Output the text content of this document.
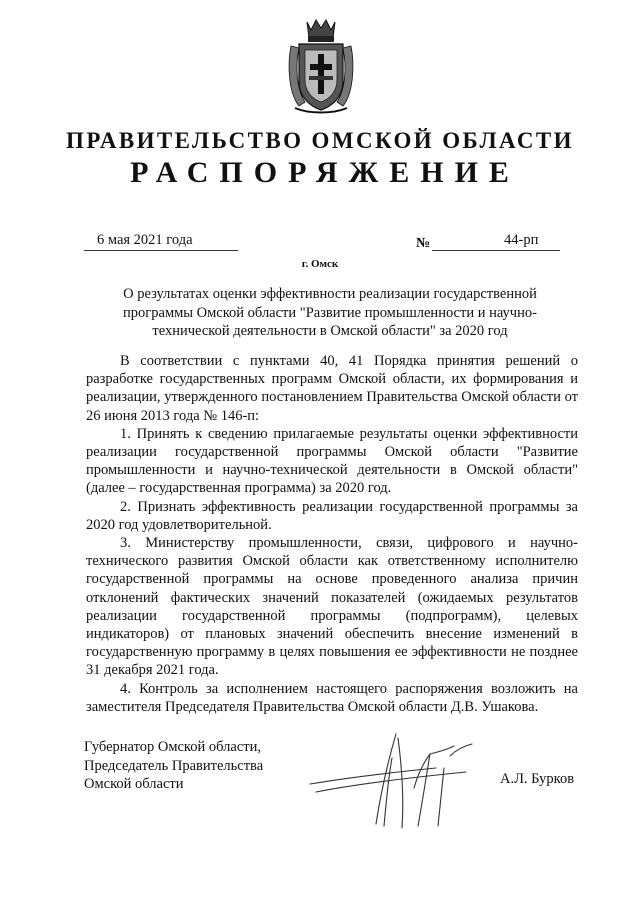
ПРАВИТЕЛЬСТВО ОМСКОЙ ОБЛАСТИ
РАСПОРЯЖЕНИЕ
6 мая 2021 года	№	44-рп
г. Омск
О результатах оценки эффективности реализации государственной
программы Омской области "Развитие промышленности и научно-
технической деятельности в Омской области" за 2020 год

В соответствии с пунктами 40, 41 Порядка принятия решений о разработке государственных программ Омской области, их формирования и реализации, утвержденного постановлением Правительства Омской области от 26 июня 2013 года № 146-п:

1. Принять к сведению прилагаемые результаты оценки эффективности реализации государственной программы Омской области "Развитие промышленности и научно-технической деятельности в Омской области" (далее – государственная программа) за 2020 год.

2. Признать эффективность реализации государственной программы за 2020 год удовлетворительной.

3. Министерству промышленности, связи, цифрового и научно-технического развития Омской области как ответственному исполнителю государственной программы на основе проведенного анализа причин отклонений фактических значений показателей (ожидаемых результатов реализации государственной программы (подпрограмм), целевых индикаторов) от плановых значений обеспечить внесение изменений в государственную программу в целях повышения ее эффективности не позднее 31 декабря 2021 года.

4. Контроль за исполнением настоящего распоряжения возложить на заместителя Председателя Правительства Омской области Д.В. Ушакова.

Губернатор Омской области,
Председатель Правительства
Омской области	А.Л. Бурков
